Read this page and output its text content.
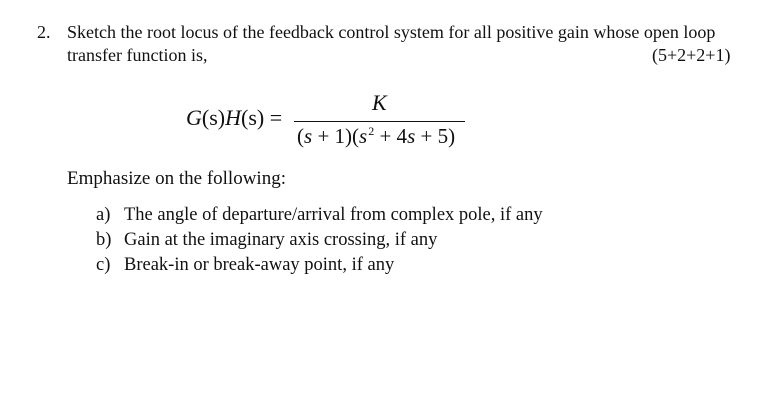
2. Sketch the root locus of the feedback control system for all positive gain whose open loop
transfer function is,	(5+2+2+1)
G(s)H(s) =
K
$(s + 1)(s^2 + 4s + 5)$
Emphasize on the following:
a) The angle of departure/arrival from complex pole, if any
b) Gain at the imaginary axis crossing, if any
c) Break-in or break-away point, if any
